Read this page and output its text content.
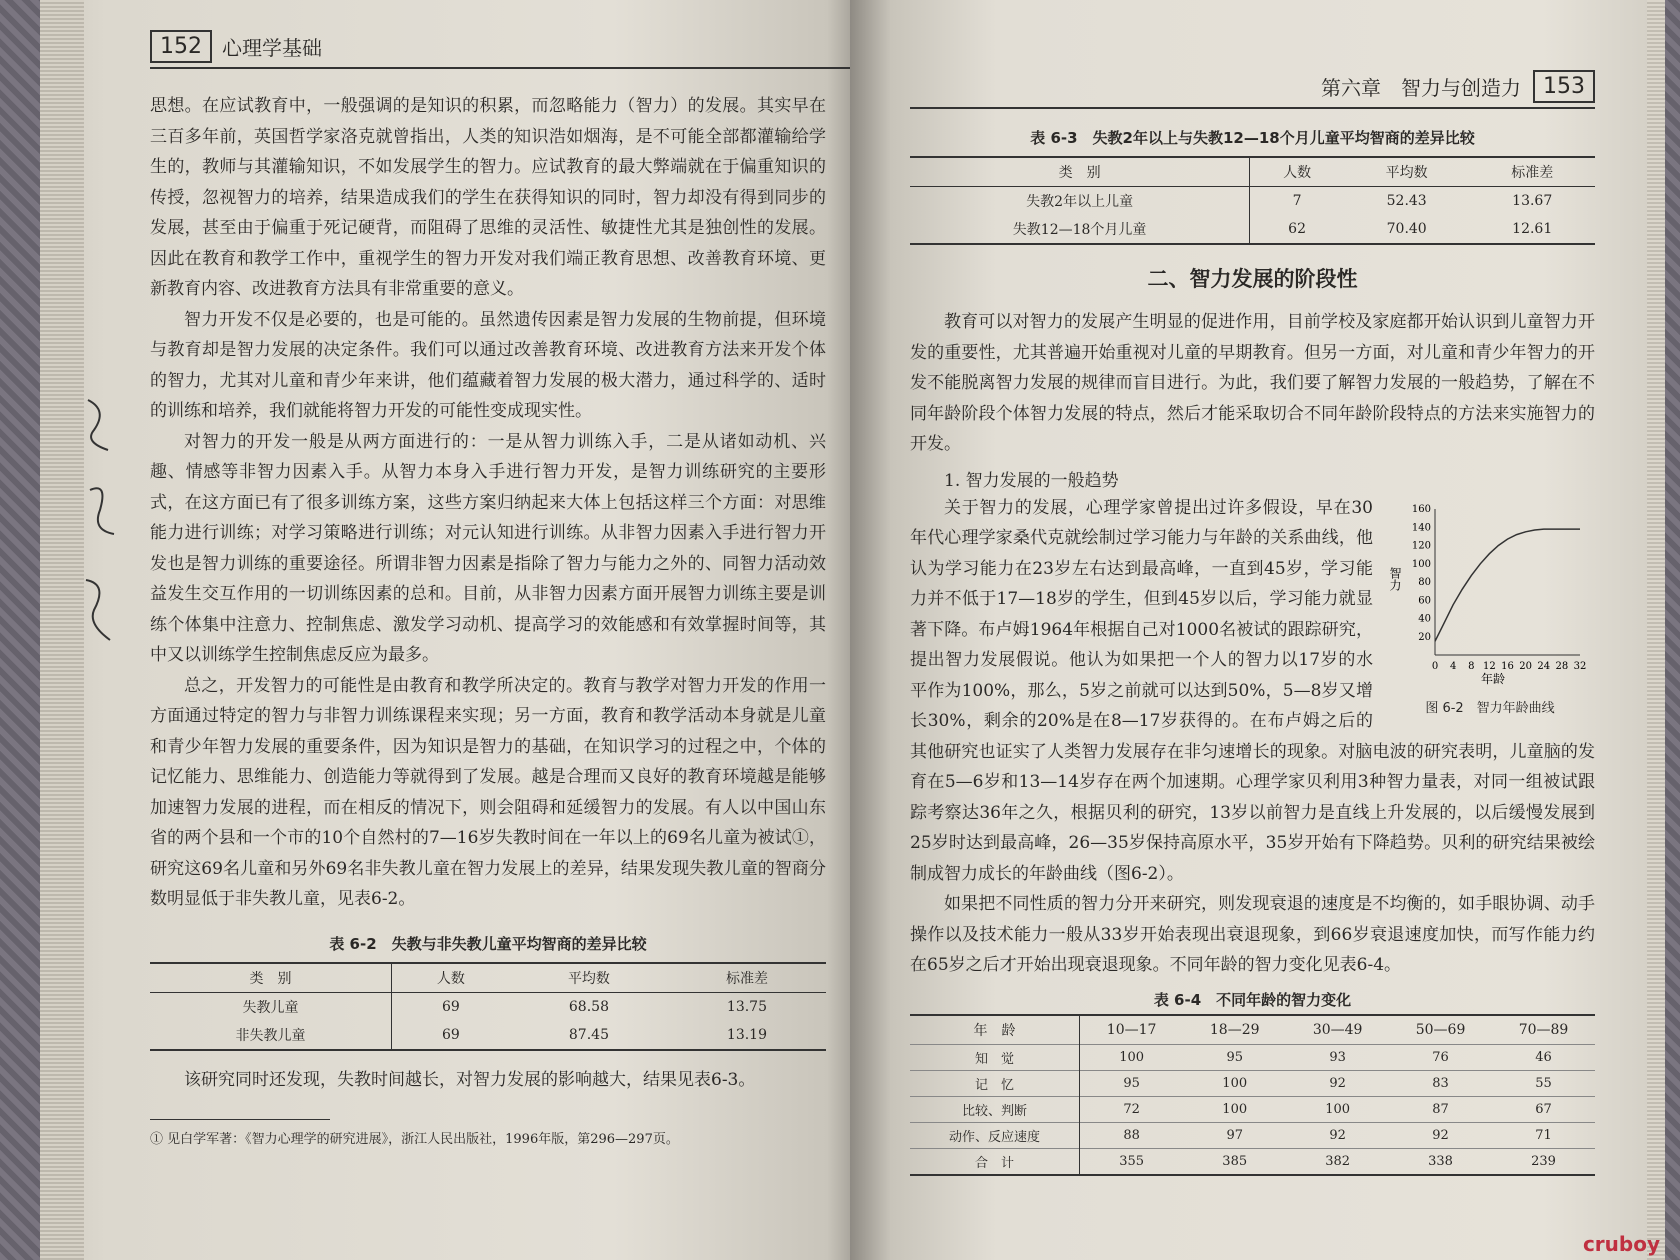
152	心理学基础

思想。在应试教育中，一般强调的是知识的积累，而忽略能力（智力）的发展。其实早在三百多年前，英国哲学家洛克就曾指出，人类的知识浩如烟海，是不可能全部都灌输给学生的，教师与其灌输知识，不如发展学生的智力。应试教育的最大弊端就在于偏重知识的传授，忽视智力的培养，结果造成我们的学生在获得知识的同时，智力却没有得到同步的发展，甚至由于偏重于死记硬背，而阻碍了思维的灵活性、敏捷性尤其是独创性的发展。因此在教育和教学工作中，重视学生的智力开发对我们端正教育思想、改善教育环境、更新教育内容、改进教育方法具有非常重要的意义。

智力开发不仅是必要的，也是可能的。虽然遗传因素是智力发展的生物前提，但环境与教育却是智力发展的决定条件。我们可以通过改善教育环境、改进教育方法来开发个体的智力，尤其对儿童和青少年来讲，他们蕴藏着智力发展的极大潜力，通过科学的、适时的训练和培养，我们就能将智力开发的可能性变成现实性。

对智力的开发一般是从两方面进行的：一是从智力训练入手，二是从诸如动机、兴趣、情感等非智力因素入手。从智力本身入手进行智力开发，是智力训练研究的主要形式，在这方面已有了很多训练方案，这些方案归纳起来大体上包括这样三个方面：对思维能力进行训练；对学习策略进行训练；对元认知进行训练。从非智力因素入手进行智力开发也是智力训练的重要途径。所谓非智力因素是指除了智力与能力之外的、同智力活动效益发生交互作用的一切训练因素的总和。目前，从非智力因素方面开展智力训练主要是训练个体集中注意力、控制焦虑、激发学习动机、提高学习的效能感和有效掌握时间等，其中又以训练学生控制焦虑反应为最多。

总之，开发智力的可能性是由教育和教学所决定的。教育与教学对智力开发的作用一方面通过特定的智力与非智力训练课程来实现；另一方面，教育和教学活动本身就是儿童和青少年智力发展的重要条件，因为知识是智力的基础，在知识学习的过程之中，个体的记忆能力、思维能力、创造能力等就得到了发展。越是合理而又良好的教育环境越是能够加速智力发展的进程，而在相反的情况下，则会阻碍和延缓智力的发展。有人以中国山东省的两个县和一个市的10个自然村的7—16岁失教时间在一年以上的69名儿童为被试①，研究这69名儿童和另外69名非失教儿童在智力发展上的差异，结果发现失教儿童的智商分数明显低于非失教儿童，见表6-2。

表 6-2　失教与非失教儿童平均智商的差异比较
类　别	人数	平均数	标准差
失教儿童	69	68.58	13.75
非失教儿童	69	87.45	13.19

该研究同时还发现，失教时间越长，对智力发展的影响越大，结果见表6-3。

① 见白学军著：《智力心理学的研究进展》，浙江人民出版社，1996年版，第296—297页。
第六章　智力与创造力	153
表 6-3　失教2年以上与失教12—18个月儿童平均智商的差异比较
类　别	人数	平均数	标准差
失教2年以上儿童	7	52.43	13.67
失教12—18个月儿童	62	70.40	12.61
二、智力发展的阶段性

教育可以对智力的发展产生明显的促进作用，目前学校及家庭都开始认识到儿童智力开发的重要性，尤其普遍开始重视对儿童的早期教育。但另一方面，对儿童和青少年智力的开发不能脱离智力发展的规律而盲目进行。为此，我们要了解智力发展的一般趋势，了解在不同年龄阶段个体智力发展的特点，然后才能采取切合不同年龄阶段特点的方法来实施智力的开发。

1. 智力发展的一般趋势
0 4 8 12 16 20 24 28 32
20
40
60
80
100
120
140
160
智力
年龄
图 6-2　智力年龄曲线

关于智力的发展，心理学家曾提出过许多假设，早在30年代心理学家桑代克就绘制过学习能力与年龄的关系曲线，他认为学习能力在23岁左右达到最高峰，一直到45岁，学习能力并不低于17—18岁的学生，但到45岁以后，学习能力就显著下降。布卢姆1964年根据自己对1000名被试的跟踪研究，提出智力发展假说。他认为如果把一个人的智力以17岁的水平作为100%，那么，5岁之前就可以达到50%，5—8岁又增长30%，剩余的20%是在8—17岁获得的。在布卢姆之后的其他研究也证实了人类智力发展存在非匀速增长的现象。对脑电波的研究表明，儿童脑的发育在5—6岁和13—14岁存在两个加速期。心理学家贝利用3种智力量表，对同一组被试跟踪考察达36年之久，根据贝利的研究，13岁以前智力是直线上升发展的，以后缓慢发展到25岁时达到最高峰，26—35岁保持高原水平，35岁开始有下降趋势。贝利的研究结果被绘制成智力成长的年龄曲线（图6-2）。

如果把不同性质的智力分开来研究，则发现衰退的速度是不均衡的，如手眼协调、动手操作以及技术能力一般从33岁开始表现出衰退现象，到66岁衰退速度加快，而写作能力约在65岁之后才开始出现衰退现象。不同年龄的智力变化见表6-4。

表 6-4　不同年龄的智力变化
年　龄	10—17	18—29	30—49	50—69	70—89
知　觉	100	95	93	76	46
记　忆	95	100	92	83	55
比较、判断	72	100	100	87	67
动作、反应速度	88	97	92	92	71
合　计	355	385	382	338	239
cruboy
